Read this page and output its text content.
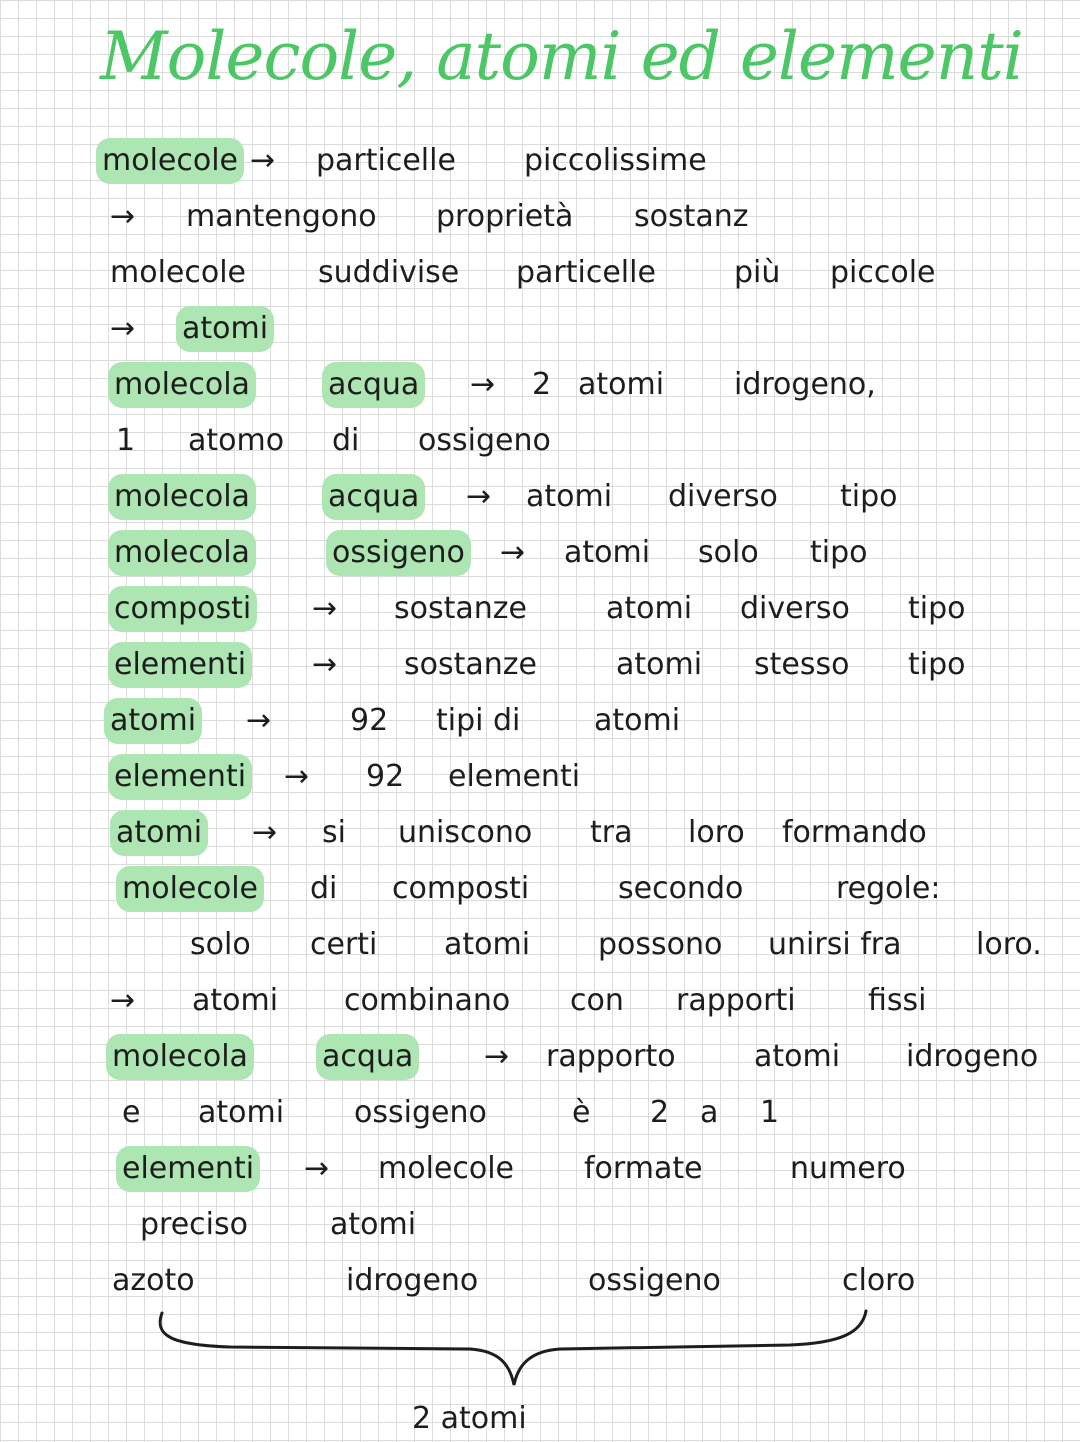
Molecole, atomi ed elementi
molecole → particelle piccolissime
→ mantengono proprietà sostanz
molecole suddivise particelle	più piccole
→ atomi
molecola	acqua → 2 atomi idrogeno,
1 atomo di ossigeno
molecola	acqua → atomi diverso tipo
molecola	ossigeno → atomi solo tipo
composti → sostanze	atomi diverso tipo
elementi → sostanze	atomi stesso tipo
atomi →	92 tipi di atomi
elementi → 92 elementi
atomi → si uniscono tra loro formando
molecole di composti	secondo	regole:
solo certi atomi possono unirsi fra loro.
→ atomi combinano con rapporti fissi
molecola acqua → rapporto	atomi idrogeno
e atomi ossigeno	è 2 a 1
elementi → molecole formate	numero
preciso	atomi
azoto	idrogeno	ossigeno	cloro
2 atomi
